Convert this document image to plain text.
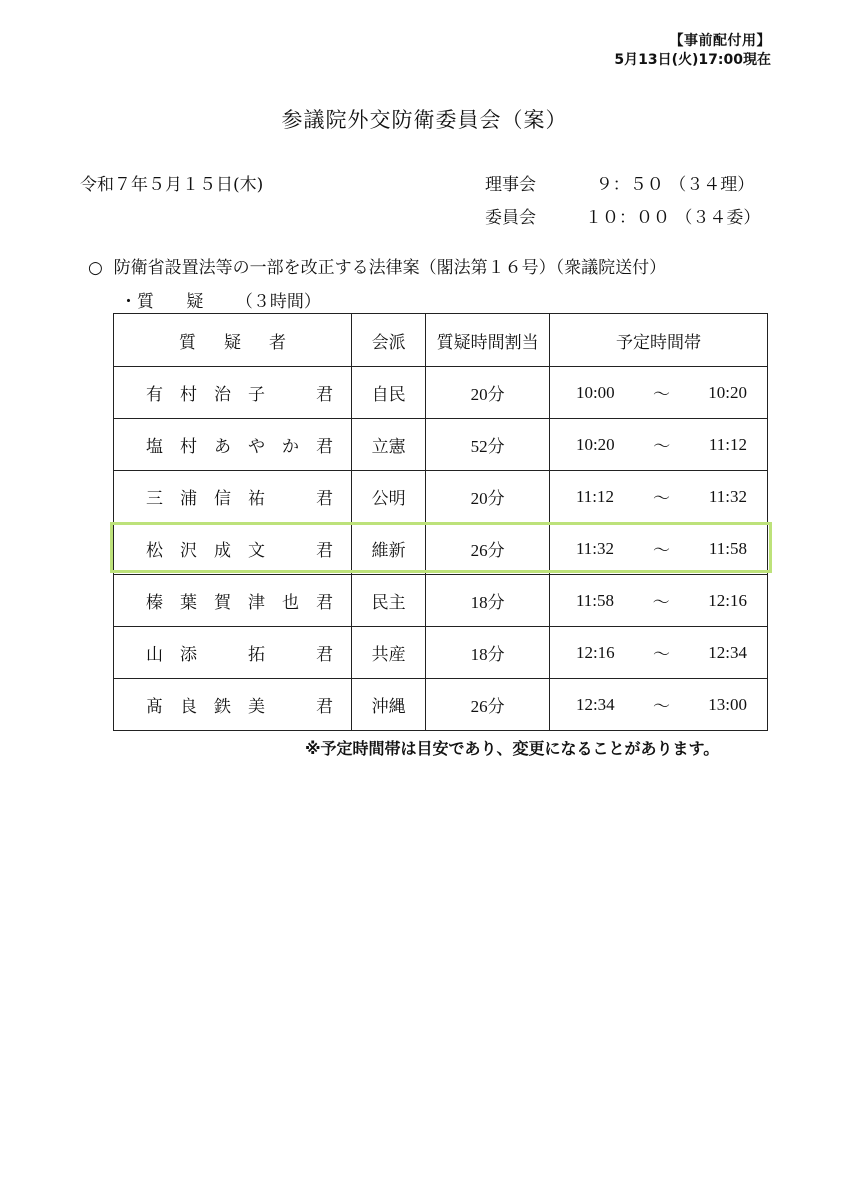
【事前配付用】
5月13日(火)17:00現在
参議院外交防衛委員会（案）
令和７年５月１５日(木)	理事会	９：５０ （３４理）
委員会	１０：００ （３４委）
○  防衛省設置法等の一部を改正する法律案（閣法第１６号）（衆議院送付）
・質      疑      （３時間）
質疑者	会派	質疑時間割当	予定時間帯

有村治子 君	自民	20分	10:00 ～ 10:20

塩村あやか 君	立憲	52分	10:20 ～ 11:12

三浦信祐 君	公明	20分	11:12 ～ 11:32

松沢成文 君	維新	26分	11:32 ～ 11:58

榛葉賀津也 君	民主	18分	11:58 ～ 12:16

山添　拓 君	共産	18分	12:16 ～ 12:34

髙良鉄美 君	沖縄	26分	12:34 ～ 13:00
※予定時間帯は目安であり、変更になることがあります。
